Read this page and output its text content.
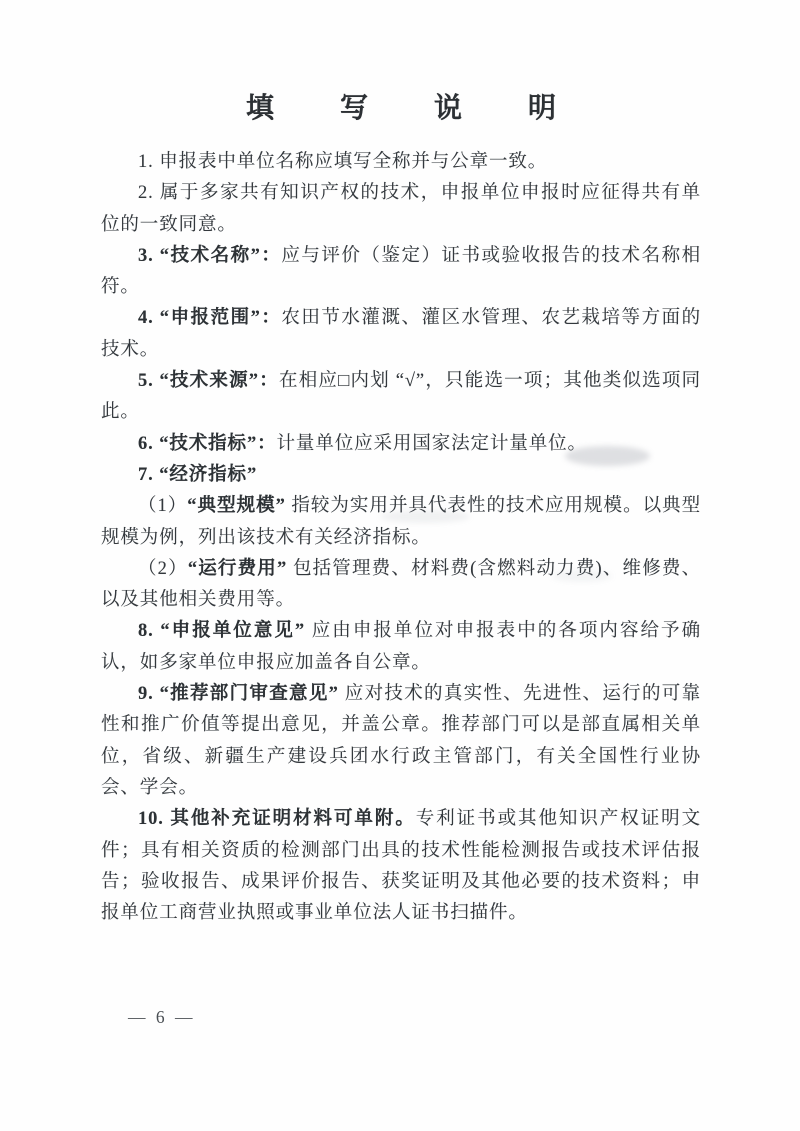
填　写　说　明

1. 申报表中单位名称应填写全称并与公章一致。

2. 属于多家共有知识产权的技术，申报单位申报时应征得共有单位的一致同意。

3. “技术名称”：应与评价（鉴定）证书或验收报告的技术名称相符。

4. “申报范围”：农田节水灌溉、灌区水管理、农艺栽培等方面的技术。

5. “技术来源”：在相应□内划 “√”，只能选一项；其他类似选项同此。

6. “技术指标”：计量单位应采用国家法定计量单位。

7. “经济指标”

（1）“典型规模” 指较为实用并具代表性的技术应用规模。以典型规模为例，列出该技术有关经济指标。

（2）“运行费用” 包括管理费、材料费(含燃料动力费)、维修费、以及其他相关费用等。

8. “申报单位意见” 应由申报单位对申报表中的各项内容给予确认，如多家单位申报应加盖各自公章。

9. “推荐部门审查意见” 应对技术的真实性、先进性、运行的可靠性和推广价值等提出意见，并盖公章。推荐部门可以是部直属相关单位，省级、新疆生产建设兵团水行政主管部门，有关全国性行业协会、学会。

10. 其他补充证明材料可单附。专利证书或其他知识产权证明文件；具有相关资质的检测部门出具的技术性能检测报告或技术评估报告；验收报告、成果评价报告、获奖证明及其他必要的技术资料；申报单位工商营业执照或事业单位法人证书扫描件。

— 6 —
